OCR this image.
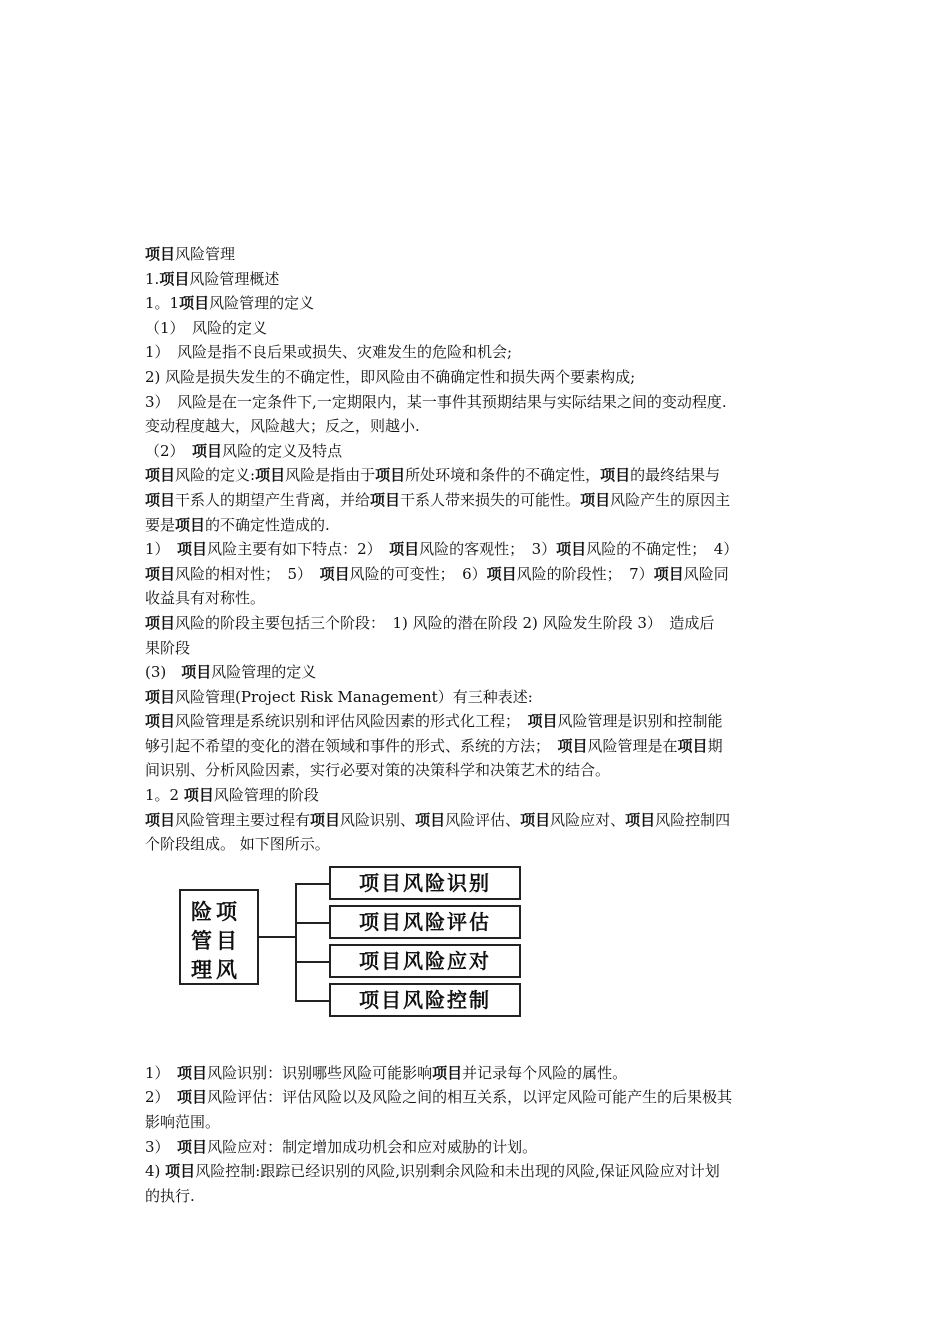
项目风险管理

1.项目风险管理概述

1。1项目风险管理的定义

（1）　风险的定义

1）　风险是指不良后果或损失、灾难发生的危险和机会;

2) 风险是损失发生的不确定性，即风险由不确确定性和损失两个要素构成;

3）　风险是在一定条件下,一定期限内，某一事件其预期结果与实际结果之间的变动程度.

变动程度越大，风险越大；反之，则越小.

（2）　项目风险的定义及特点

项目风险的定义:项目风险是指由于项目所处环境和条件的不确定性，项目的最终结果与

项目干系人的期望产生背离，并给项目干系人带来损失的可能性。项目风险产生的原因主

要是项目的不确定性造成的.

1）　项目风险主要有如下特点：2）　项目风险的客观性；　3）项目风险的不确定性；　4）

项目风险的相对性；　5）　项目风险的可变性；　6）项目风险的阶段性；　7）项目风险同

收益具有对称性。

项目风险的阶段主要包括三个阶段：　1) 风险的潜在阶段 2) 风险发生阶段 3）　造成后

果阶段

(3)　项目风险管理的定义

项目风险管理(Project Risk Management）有三种表述:

项目风险管理是系统识别和评估风险因素的形式化工程；　项目风险管理是识别和控制能

够引起不希望的变化的潜在领域和事件的形式、系统的方法；　项目风险管理是在项目期

间识别、分析风险因素，实行必要对策的决策科学和决策艺术的结合。

1。2 项目风险管理的阶段

项目风险管理主要过程有项目风险识别、项目风险评估、项目风险应对、项目风险控制四

个阶段组成。 如下图所示。

险项
管目
理风
项目风险识别
项目风险评估
项目风险应对
项目风险控制

1）　项目风险识别：识别哪些风险可能影响项目并记录每个风险的属性。

2）　项目风险评估：评估风险以及风险之间的相互关系，以评定风险可能产生的后果极其

影响范围。

3）　项目风险应对：制定增加成功机会和应对威胁的计划。

4) 项目风险控制:跟踪已经识别的风险,识别剩余风险和未出现的风险,保证风险应对计划

的执行.
